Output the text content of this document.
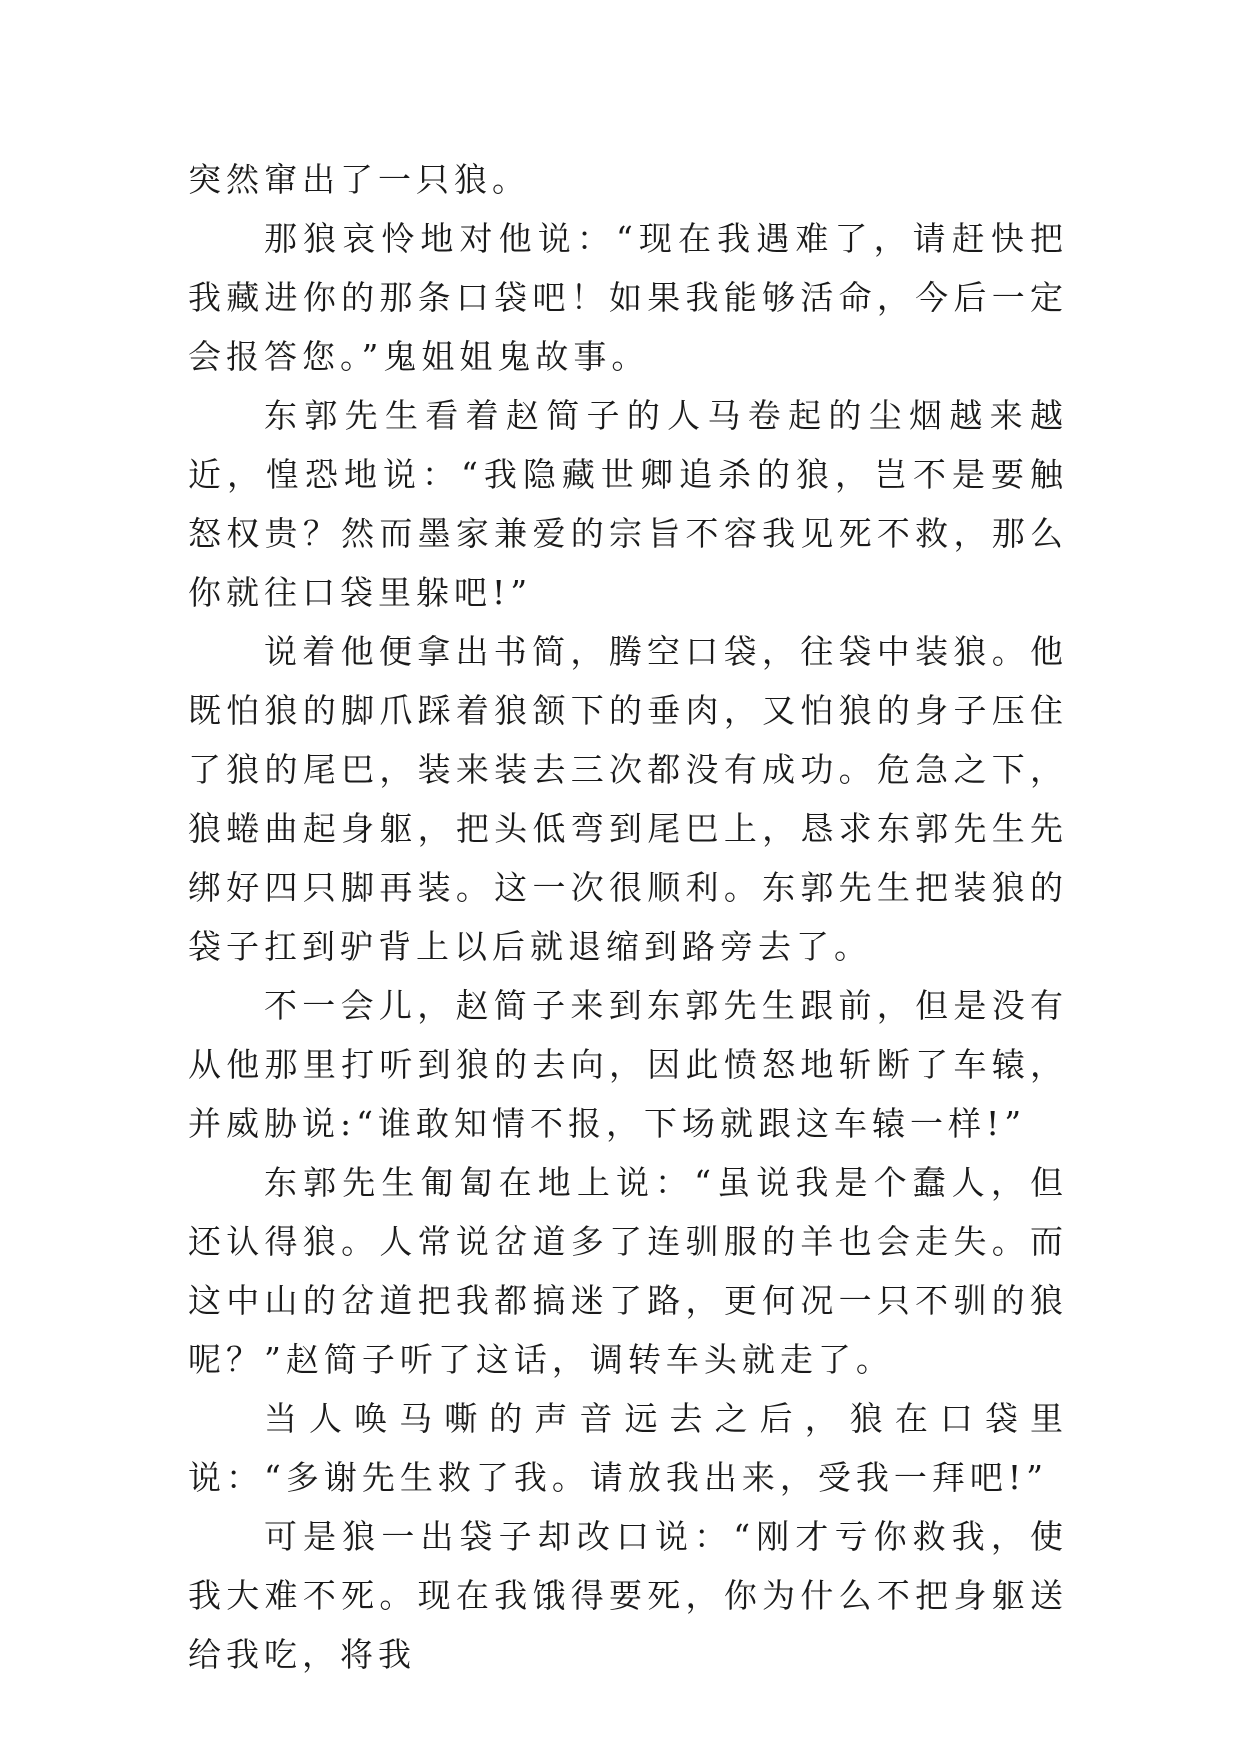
突然窜出了一只狼。

那狼哀怜地对他说：“现在我遇难了，请赶快把我藏进你的那条口袋吧！如果我能够活命，今后一定会报答您。”鬼姐姐鬼故事。

东郭先生看着赵简子的人马卷起的尘烟越来越近，惶恐地说：“我隐藏世卿追杀的狼，岂不是要触怒权贵？然而墨家兼爱的宗旨不容我见死不救，那么你就往口袋里躲吧!”

说着他便拿出书简，腾空口袋，往袋中装狼。他既怕狼的脚爪踩着狼颔下的垂肉，又怕狼的身子压住了狼的尾巴，装来装去三次都没有成功。危急之下，狼蜷曲起身躯，把头低弯到尾巴上，恳求东郭先生先绑好四只脚再装。这一次很顺利。东郭先生把装狼的袋子扛到驴背上以后就退缩到路旁去了。

不一会儿，赵简子来到东郭先生跟前，但是没有从他那里打听到狼的去向，因此愤怒地斩断了车辕，并威胁说:“谁敢知情不报，下场就跟这车辕一样!”

东郭先生匍匐在地上说：“虽说我是个蠢人，但还认得狼。人常说岔道多了连驯服的羊也会走失。而这中山的岔道把我都搞迷了路，更何况一只不驯的狼呢？”赵简子听了这话，调转车头就走了。

当人唤马嘶的声音远去之后，狼在口袋里说：“多谢先生救了我。请放我出来，受我一拜吧!”

可是狼一出袋子却改口说：“刚才亏你救我，使我大难不死。现在我饿得要死，你为什么不把身躯送给我吃，将我
